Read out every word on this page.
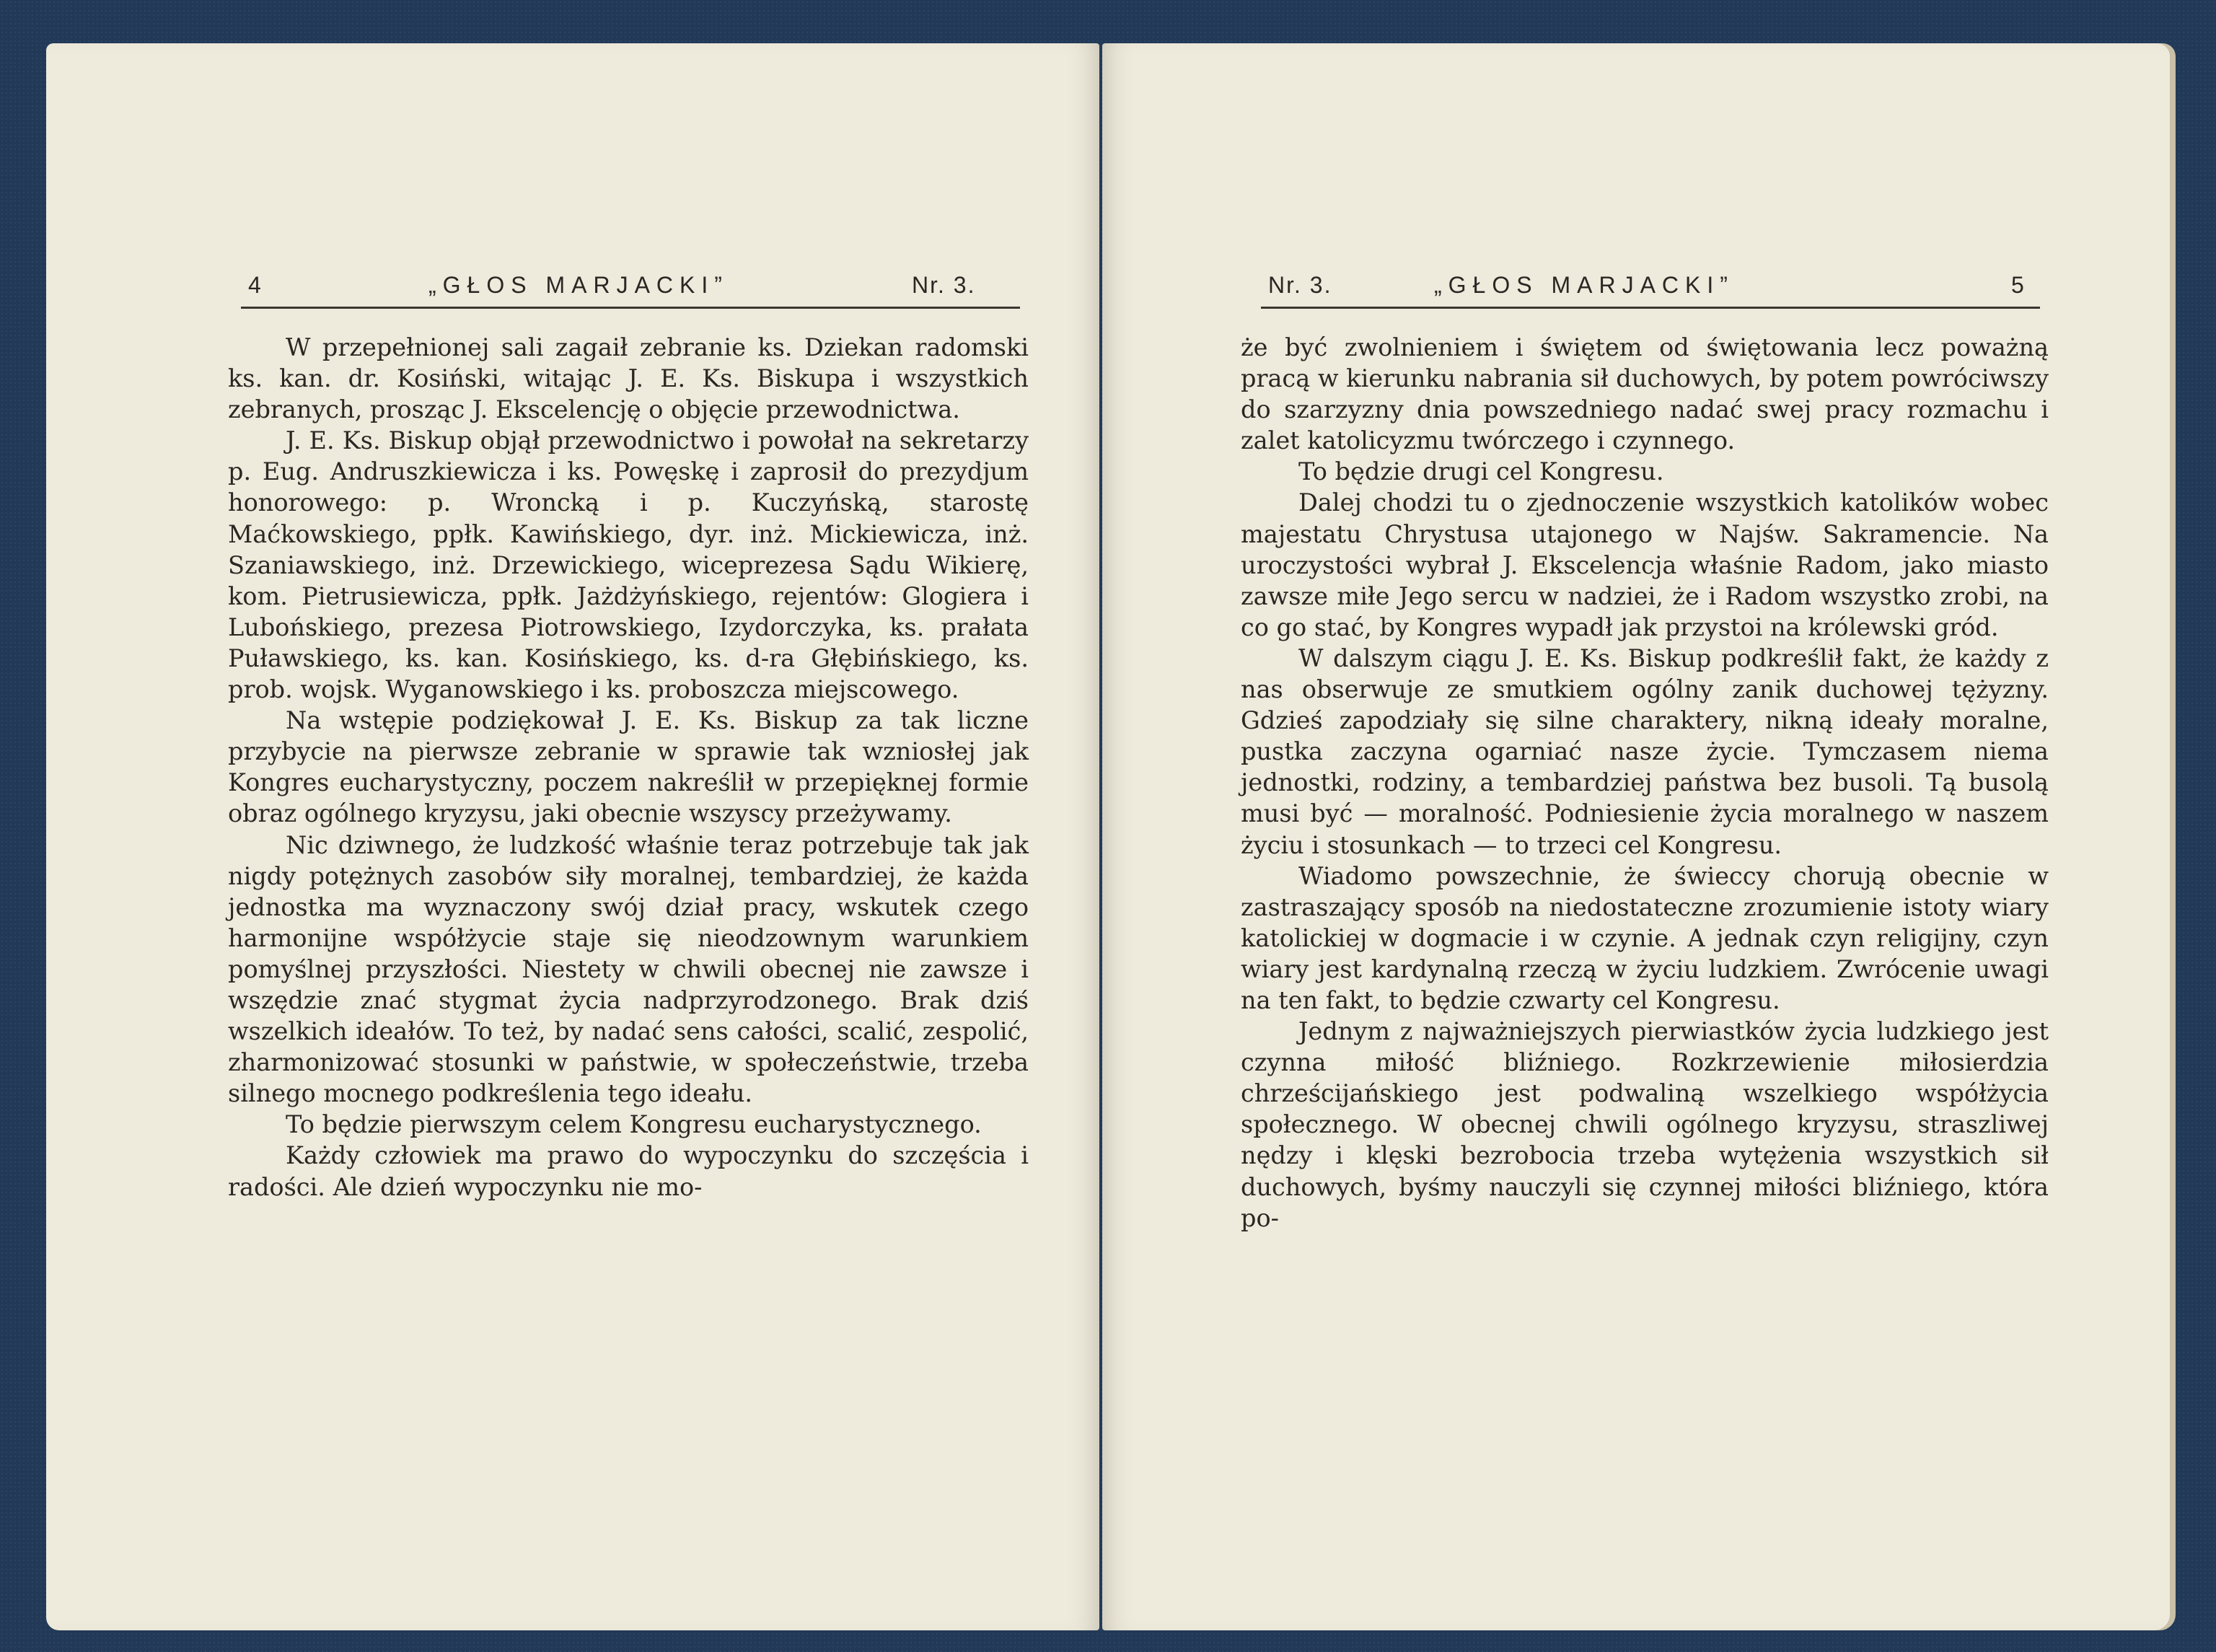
4	„GŁOS MARJACKI”	Nr. 3.

W przepełnionej sali zagaił zebranie ks. Dziekan radomski ks. kan. dr. Kosiński, witając J. E. Ks. Biskupa i wszystkich zebranych, prosząc J. Ekscelencję o objęcie przewodnictwa.

J. E. Ks. Biskup objął przewodnictwo i powołał na sekretarzy p. Eug. Andruszkiewicza i ks. Powęskę i zaprosił do prezydjum honorowego: p. Wroncką i p. Kuczyńską, starostę Maćkowskiego, ppłk. Kawińskiego, dyr. inż. Mickiewicza, inż. Szaniawskiego, inż. Drzewickiego, wiceprezesa Sądu Wikierę, kom. Pietrusiewicza, ppłk. Jażdżyńskiego, rejentów: Glogiera i Lubońskiego, prezesa Piotrowskiego, Izydorczyka, ks. prałata Puławskiego, ks. kan. Kosińskiego, ks. d-ra Głębińskiego, ks. prob. wojsk. Wyganowskiego i ks. proboszcza miejscowego.

Na wstępie podziękował J. E. Ks. Biskup za tak liczne przybycie na pierwsze zebranie w sprawie tak wzniosłej jak Kongres eucharystyczny, poczem nakreślił w przepięknej formie obraz ogólnego kryzysu, jaki obecnie wszyscy przeżywamy.

Nic dziwnego, że ludzkość właśnie teraz potrzebuje tak jak nigdy potężnych zasobów siły moralnej, tembardziej, że każda jednostka ma wyznaczony swój dział pracy, wskutek czego harmonijne współżycie staje się nieodzownym warunkiem pomyślnej przyszłości. Niestety w chwili obecnej nie zawsze i wszędzie znać stygmat życia nadprzyrodzonego. Brak dziś wszelkich ideałów. To też, by nadać sens całości, scalić, zespolić, zharmonizować stosunki w państwie, w społeczeństwie, trzeba silnego mocnego podkreślenia tego ideału.

To będzie pierwszym celem Kongresu eucharystycznego.

Każdy człowiek ma prawo do wypoczynku do szczęścia i radości. Ale dzień wypoczynku nie mo-

Nr. 3.	„GŁOS MARJACKI”	5

że być zwolnieniem i świętem od świętowania lecz poważną pracą w kierunku nabrania sił duchowych, by potem powróciwszy do szarzyzny dnia powszedniego nadać swej pracy rozmachu i zalet katolicyzmu twórczego i czynnego.

To będzie drugi cel Kongresu.

Dalej chodzi tu o zjednoczenie wszystkich katolików wobec majestatu Chrystusa utajonego w Najśw. Sakramencie. Na uroczystości wybrał J. Ekscelencja właśnie Radom, jako miasto zawsze miłe Jego sercu w nadziei, że i Radom wszystko zrobi, na co go stać, by Kongres wypadł jak przystoi na królewski gród.

W dalszym ciągu J. E. Ks. Biskup podkreślił fakt, że każdy z nas obserwuje ze smutkiem ogólny zanik duchowej tężyzny. Gdzieś zapodziały się silne charaktery, nikną ideały moralne, pustka zaczyna ogarniać nasze życie. Tymczasem niema jednostki, rodziny, a tembardziej państwa bez busoli. Tą busolą musi być — moralność. Podniesienie życia moralnego w naszem życiu i stosunkach — to trzeci cel Kongresu.

Wiadomo powszechnie, że świeccy chorują obecnie w zastraszający sposób na niedostateczne zrozumienie istoty wiary katolickiej w dogmacie i w czynie. A jednak czyn religijny, czyn wiary jest kardynalną rzeczą w życiu ludzkiem. Zwrócenie uwagi na ten fakt, to będzie czwarty cel Kongresu.

Jednym z najważniejszych pierwiastków życia ludzkiego jest czynna miłość bliźniego. Rozkrzewienie miłosierdzia chrześcijańskiego jest podwaliną wszelkiego współżycia społecznego. W obecnej chwili ogólnego kryzysu, straszliwej nędzy i klęski bezrobocia trzeba wytężenia wszystkich sił duchowych, byśmy nauczyli się czynnej miłości bliźniego, która po-
